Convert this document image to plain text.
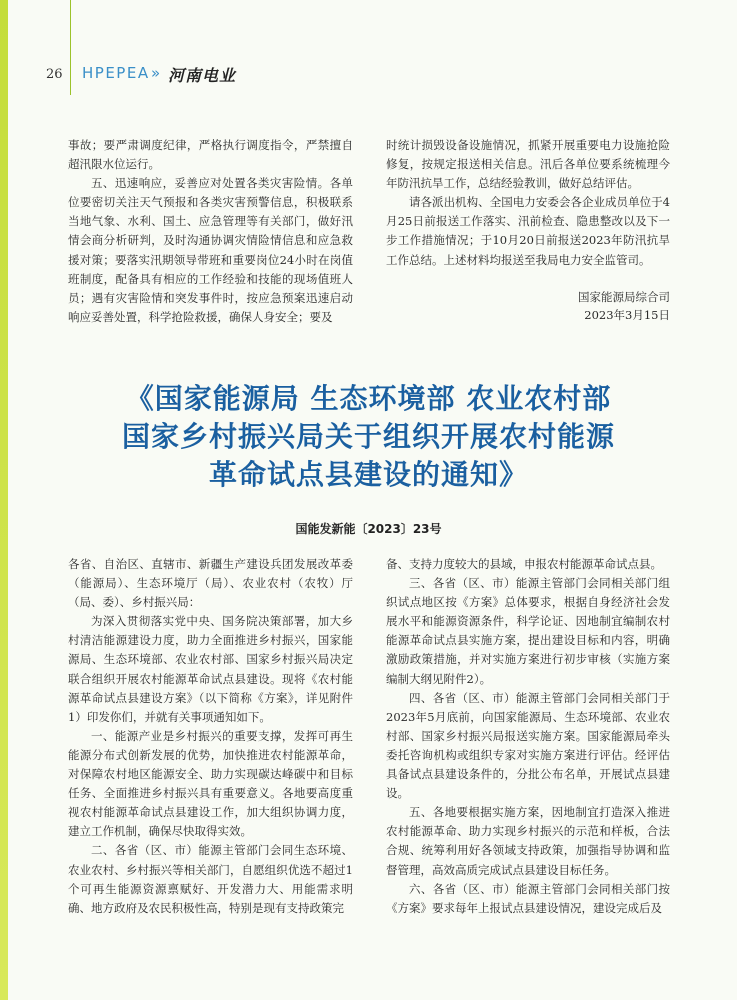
26 HPEPEA » 河南电业

事故；要严肃调度纪律，严格执行调度指令，严禁擅自超汛限水位运行。

五、迅速响应，妥善应对处置各类灾害险情。各单位要密切关注天气预报和各类灾害预警信息，积极联系当地气象、水利、国土、应急管理等有关部门，做好汛情会商分析研判，及时沟通协调灾情险情信息和应急救援对策；要落实汛期领导带班和重要岗位24小时在岗值班制度，配备具有相应的工作经验和技能的现场值班人员；遇有灾害险情和突发事件时，按应急预案迅速启动响应妥善处置，科学抢险救援，确保人身安全；要及

时统计损毁设备设施情况，抓紧开展重要电力设施抢险修复，按规定报送相关信息。汛后各单位要系统梳理今年防汛抗旱工作，总结经验教训，做好总结评估。

请各派出机构、全国电力安委会各企业成员单位于4月25日前报送工作落实、汛前检查、隐患整改以及下一步工作措施情况；于10月20日前报送2023年防汛抗旱工作总结。上述材料均报送至我局电力安全监管司。

国家能源局综合司
2023年3月15日
《国家能源局 生态环境部 农业农村部
国家乡村振兴局关于组织开展农村能源
革命试点县建设的通知》
国能发新能〔2023〕23号

各省、自治区、直辖市、新疆生产建设兵团发展改革委（能源局）、生态环境厅（局）、农业农村（农牧）厅（局、委）、乡村振兴局：

为深入贯彻落实党中央、国务院决策部署，加大乡村清洁能源建设力度，助力全面推进乡村振兴，国家能源局、生态环境部、农业农村部、国家乡村振兴局决定联合组织开展农村能源革命试点县建设。现将《农村能源革命试点县建设方案》（以下简称《方案》，详见附件1）印发你们，并就有关事项通知如下。

一、能源产业是乡村振兴的重要支撑，发挥可再生能源分布式创新发展的优势，加快推进农村能源革命，对保障农村地区能源安全、助力实现碳达峰碳中和目标任务、全面推进乡村振兴具有重要意义。各地要高度重视农村能源革命试点县建设工作，加大组织协调力度，建立工作机制，确保尽快取得实效。

二、各省（区、市）能源主管部门会同生态环境、农业农村、乡村振兴等相关部门，自愿组织优选不超过1个可再生能源资源禀赋好、开发潜力大、用能需求明确、地方政府及农民积极性高，特别是现有支持政策完

备、支持力度较大的县域，申报农村能源革命试点县。

三、各省（区、市）能源主管部门会同相关部门组织试点地区按《方案》总体要求，根据自身经济社会发展水平和能源资源条件，科学论证、因地制宜编制农村能源革命试点县实施方案，提出建设目标和内容，明确激励政策措施，并对实施方案进行初步审核（实施方案编制大纲见附件2）。

四、各省（区、市）能源主管部门会同相关部门于2023年5月底前，向国家能源局、生态环境部、农业农村部、国家乡村振兴局报送实施方案。国家能源局牵头委托咨询机构或组织专家对实施方案进行评估。经评估具备试点县建设条件的，分批公布名单，开展试点县建设。

五、各地要根据实施方案，因地制宜打造深入推进农村能源革命、助力实现乡村振兴的示范和样板，合法合规、统筹利用好各领域支持政策，加强指导协调和监督管理，高效高质完成试点县建设目标任务。

六、各省（区、市）能源主管部门会同相关部门按《方案》要求每年上报试点县建设情况，建设完成后及
